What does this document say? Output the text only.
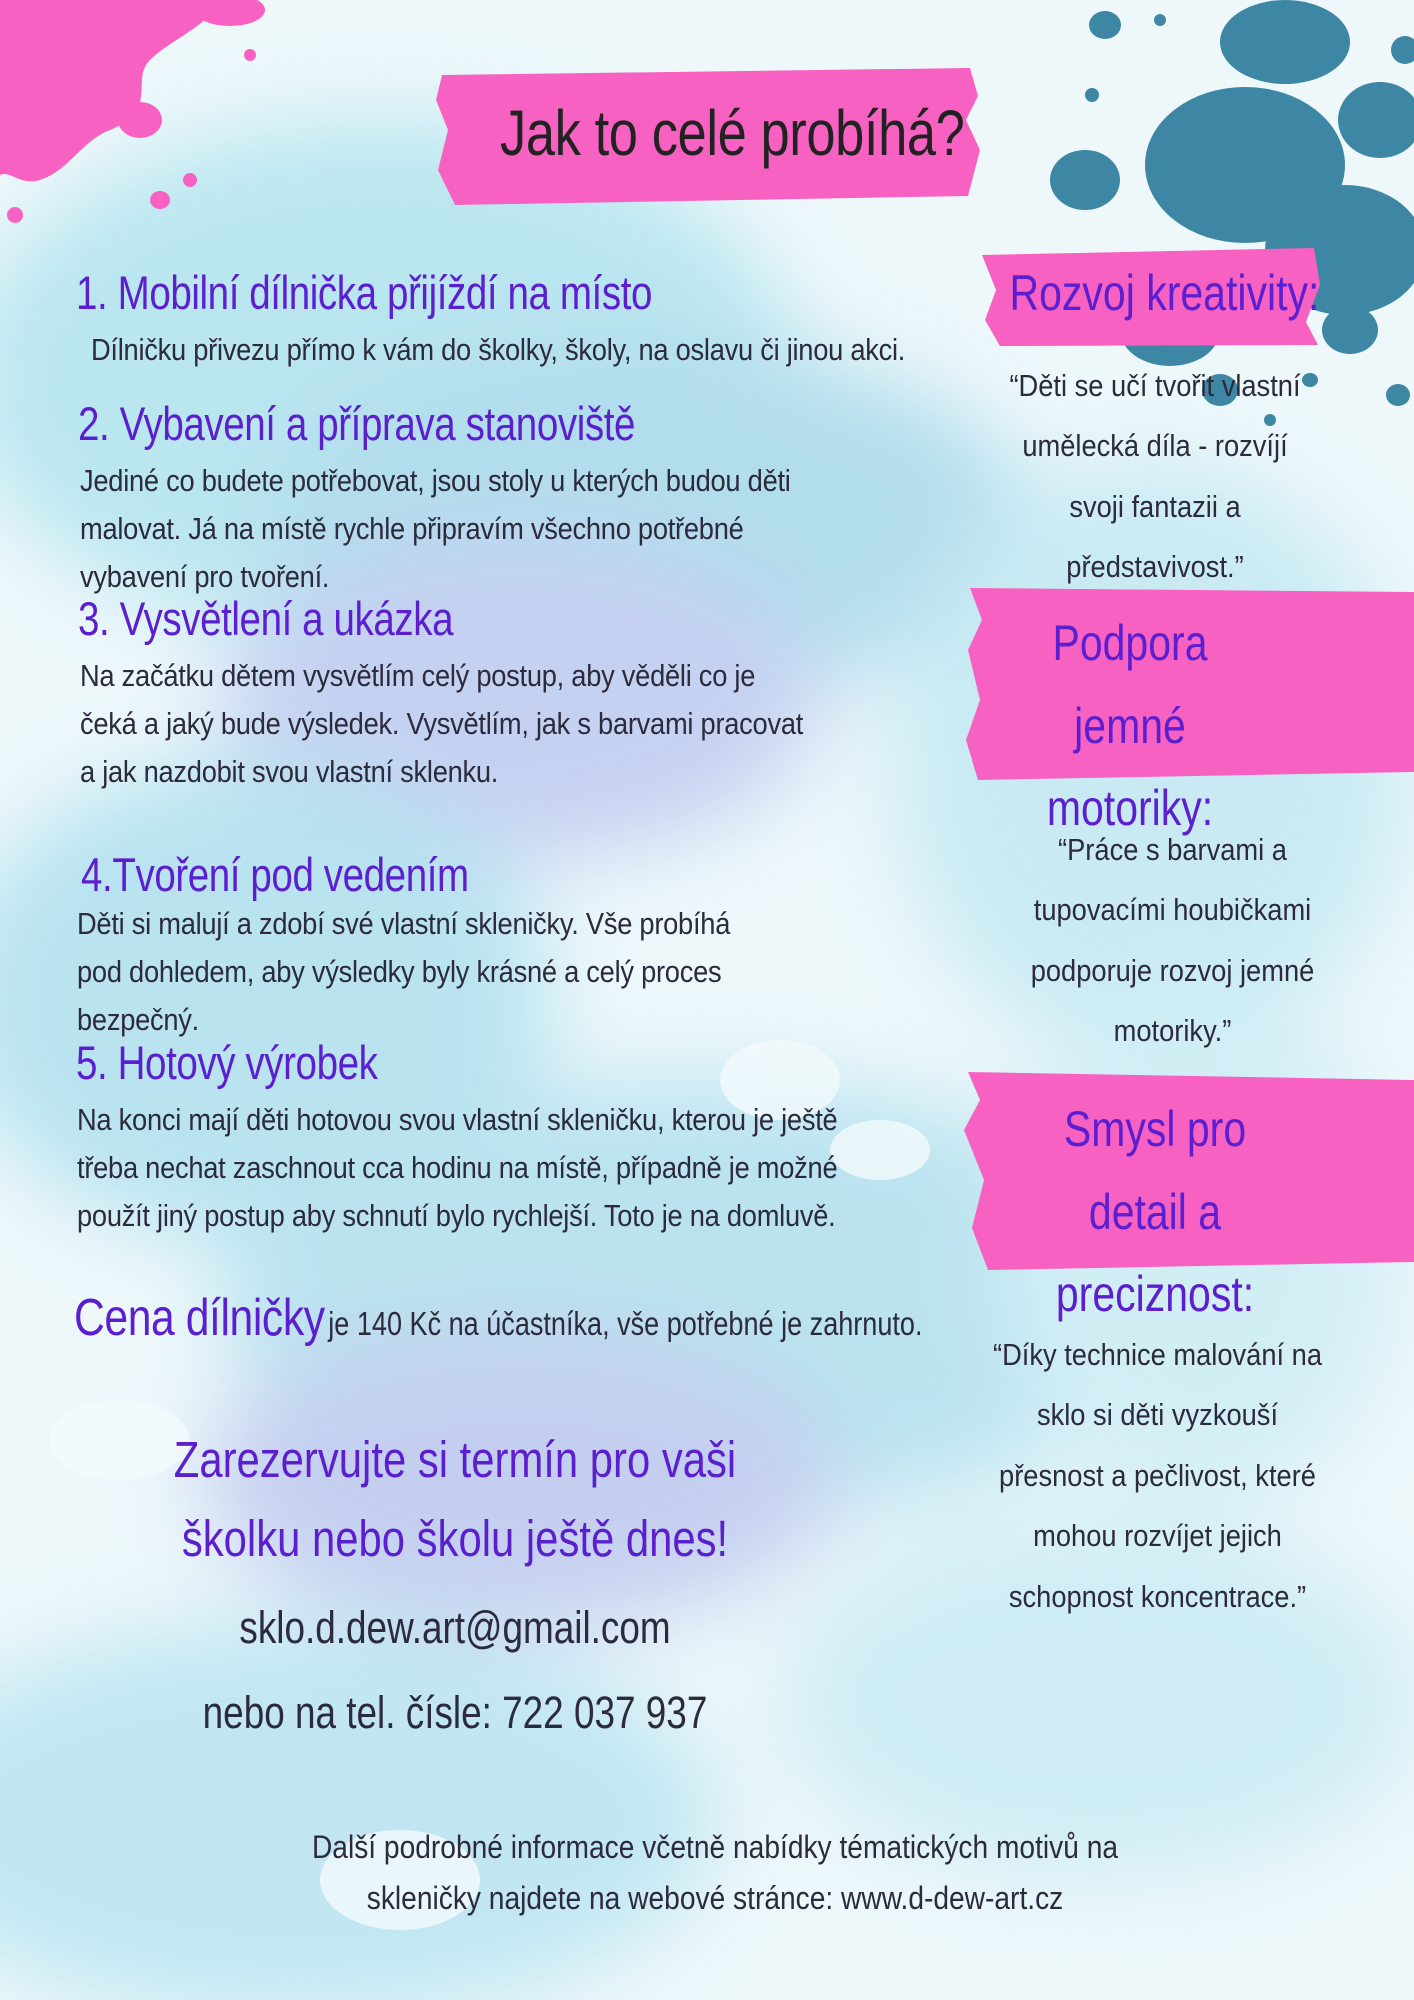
Jak to celé probíhá?
1. Mobilní dílnička přijíždí na místo
Dílničku přivezu přímo k vám do školky, školy, na oslavu či jinou akci.
2. Vybavení a příprava stanoviště
Jediné co budete potřebovat, jsou stoly u kterých budou děti malovat. Já na místě rychle připravím všechno potřebné vybavení pro tvoření.
3. Vysvětlení a ukázka
Na začátku dětem vysvětlím celý postup, aby věděli co je čeká a jaký bude výsledek. Vysvětlím, jak s barvami pracovat a jak nazdobit svou vlastní sklenku.
4.Tvoření pod vedením
Děti si malují a zdobí své vlastní skleničky. Vše probíhá pod dohledem, aby výsledky byly krásné a celý proces bezpečný.
5. Hotový výrobek
Na konci mají děti hotovou svou vlastní skleničku, kterou je ještě třeba nechat zaschnout cca hodinu na místě, případně je možné použít jiný postup aby schnutí bylo rychlejší. Toto je na domluvě.
Cena dílničky je 140 Kč na účastníka, vše potřebné je zahrnuto.
Zarezervujte si termín pro vaši školku nebo školu ještě dnes!
sklo.d.dew.art@gmail.com
nebo na tel. čísle: 722 037 937
Další podrobné informace včetně nabídky tématických motivů na skleničky najdete na webové stránce: www.d-dew-art.cz
Rozvoj kreativity:
“Děti se učí tvořit vlastní umělecká díla - rozvíjí svoji fantazii a představivost.”
Podpora jemné motoriky:
“Práce s barvami a tupovacími houbičkami podporuje rozvoj jemné motoriky.”
Smysl pro detail a preciznost:
“Díky technice malování na sklo si děti vyzkouší přesnost a pečlivost, které mohou rozvíjet jejich schopnost koncentrace.”
